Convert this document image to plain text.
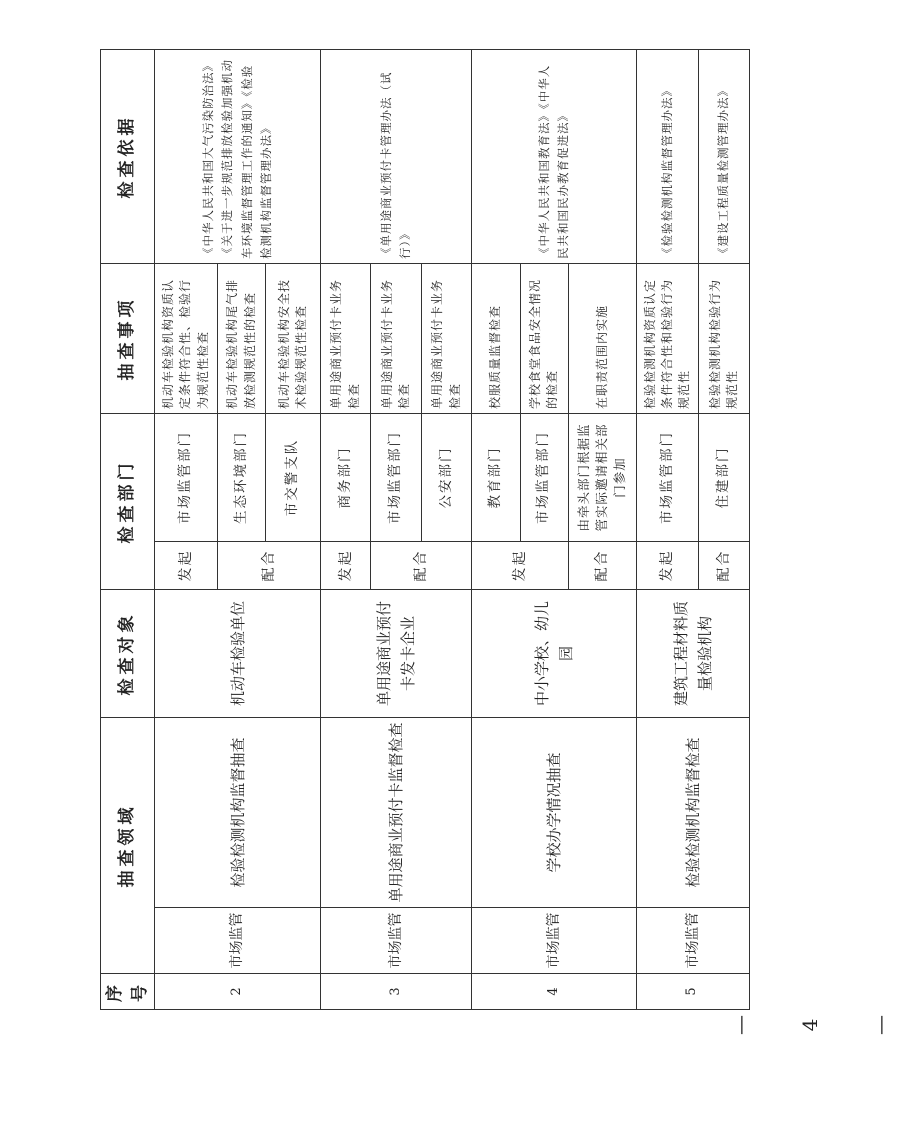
序号	抽查领域		检查对象	检查部门		抽查事项	检查依据
2	市场监管	检验检测机构监督抽查	机动车检验单位	发起	市场监管部门	机动车检验机构资质认定条件符合性、检验行为规范性检查	《中华人民共和国大气污染防治法》《关于进一步规范排放检验加强机动车环境监督管理工作的通知》《检验检测机构监督管理办法》
				配合	生态环境部门	机动车检验机构尾气排放检测规范性的检查	
					市交警支队	机动车检验机构安全技术检验规范性检查	
3	市场监管	单用途商业预付卡监督检查	单用途商业预付卡发卡企业	发起	商务部门	单用途商业预付卡业务检查	《单用途商业预付卡管理办法（试行）》
				配合	市场监管部门	单用途商业预付卡业务检查	
					公安部门	单用途商业预付卡业务检查	
4	市场监管	学校办学情况抽查	中小学校、幼儿园	发起	教育部门	校服质量监督检查	《中华人民共和国教育法》《中华人民共和国民办教育促进法》
					市场监管部门	学校食堂食品安全情况的检查	
				配合	由牵头部门根据监管实际邀请相关部门参加	在职责范围内实施	
5	市场监管	检验检测机构监督检查	建筑工程材料质量检验机构	发起	市场监管部门	检验检测机构资质认定条件符合性和检验行为规范性	《检验检测机构监督管理办法》
				配合	住建部门	检验检测机构检验行为规范性	《建设工程质量检测管理办法》
— 4 —
